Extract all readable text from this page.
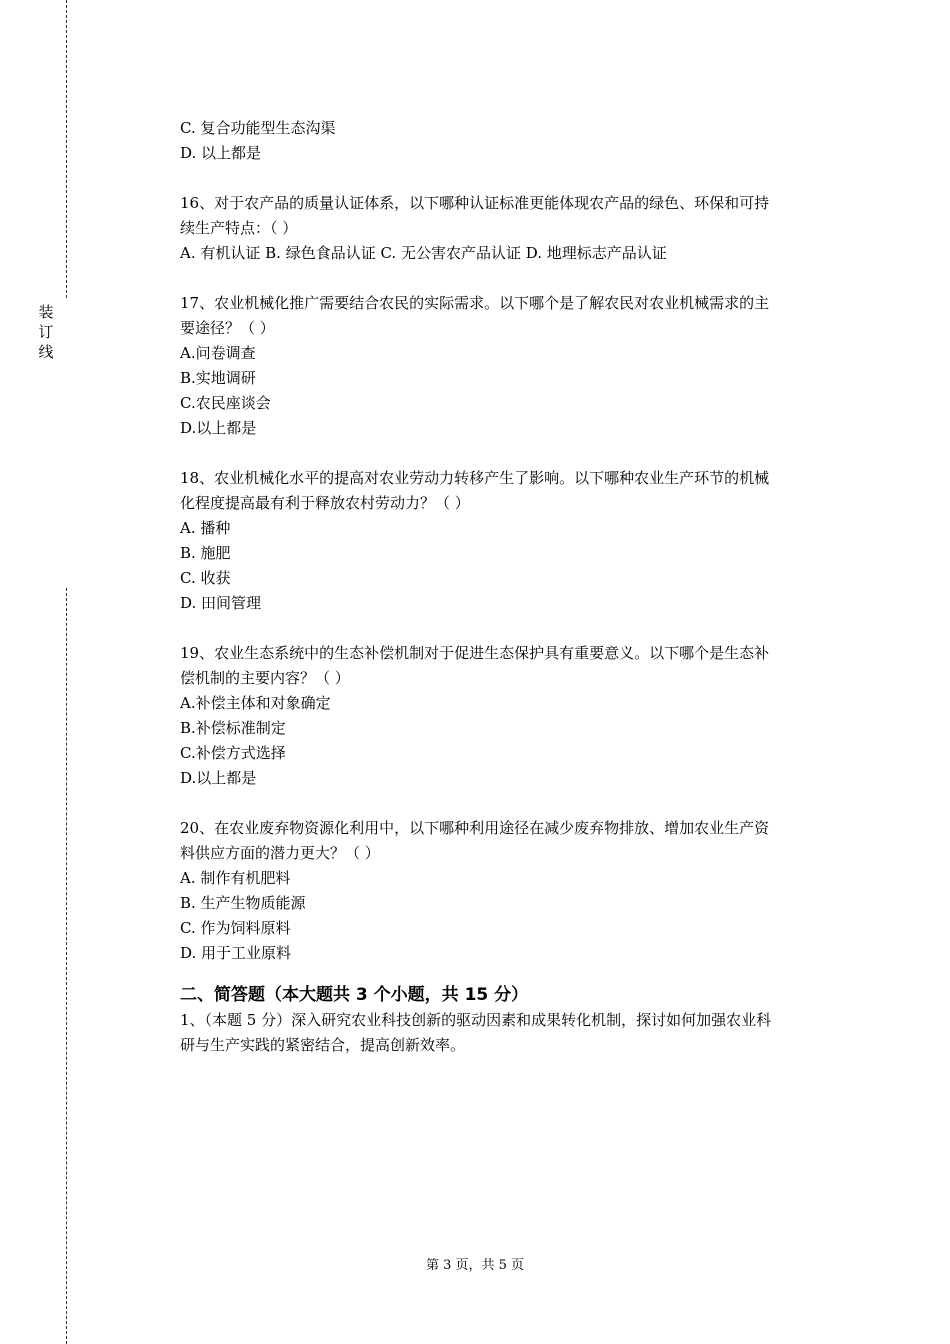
装
订
线
C. 复合功能型生态沟渠
D. 以上都是
16、对于农产品的质量认证体系，以下哪种认证标准更能体现农产品的绿色、环保和可持
续生产特点：（ ）
A. 有机认证 B. 绿色食品认证 C. 无公害农产品认证 D. 地理标志产品认证
17、农业机械化推广需要结合农民的实际需求。以下哪个是了解农民对农业机械需求的主
要途径？（ ）
A.问卷调查
B.实地调研
C.农民座谈会
D.以上都是
18、农业机械化水平的提高对农业劳动力转移产生了影响。以下哪种农业生产环节的机械
化程度提高最有利于释放农村劳动力？（ ）
A. 播种
B. 施肥
C. 收获
D. 田间管理
19、农业生态系统中的生态补偿机制对于促进生态保护具有重要意义。以下哪个是生态补
偿机制的主要内容？（ ）
A.补偿主体和对象确定
B.补偿标准制定
C.补偿方式选择
D.以上都是
20、在农业废弃物资源化利用中，以下哪种利用途径在减少废弃物排放、增加农业生产资
料供应方面的潜力更大？（ ）
A. 制作有机肥料
B. 生产生物质能源
C. 作为饲料原料
D. 用于工业原料
二、简答题（本大题共 3 个小题，共 15 分）
1、（本题 5 分）深入研究农业科技创新的驱动因素和成果转化机制，探讨如何加强农业科
研与生产实践的紧密结合，提高创新效率。
第 3 页，共 5 页
